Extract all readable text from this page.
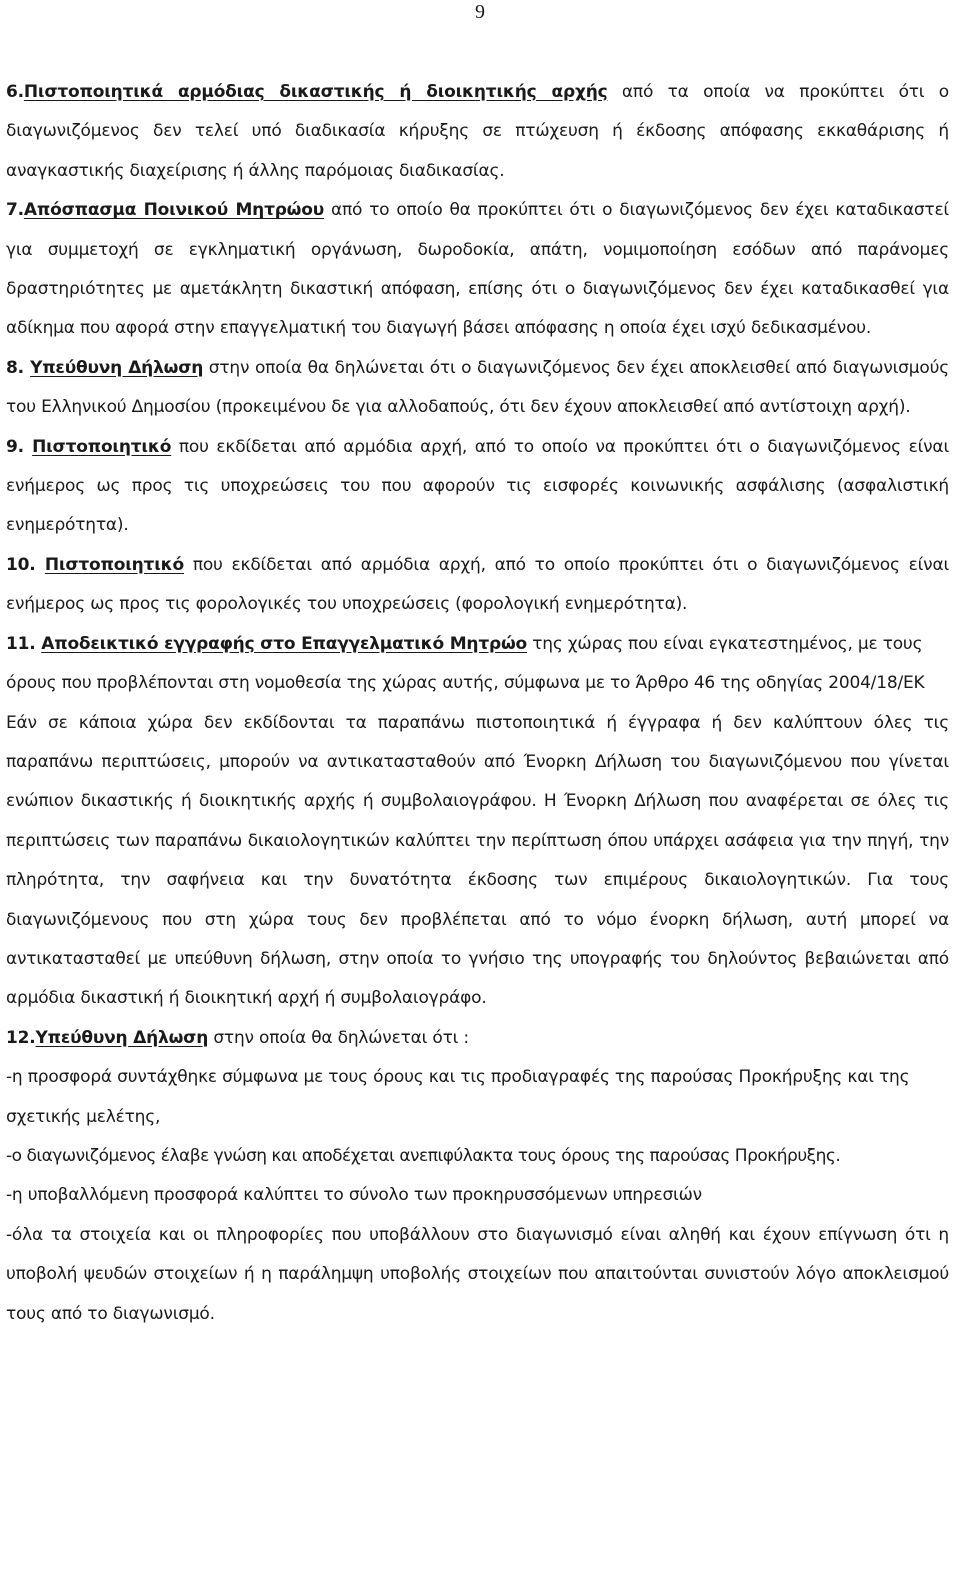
9

6.Πιστοποιητικά αρμόδιας δικαστικής ή διοικητικής αρχής από τα οποία να προκύπτει ότι ο διαγωνιζόμενος δεν τελεί υπό διαδικασία κήρυξης σε πτώχευση ή έκδοσης απόφασης εκκαθάρισης ή αναγκαστικής διαχείρισης ή άλλης παρόμοιας διαδικασίας.

7.Απόσπασμα Ποινικού Μητρώου από το οποίο θα προκύπτει ότι ο διαγωνιζόμενος δεν έχει καταδικαστεί για συμμετοχή σε εγκληματική οργάνωση, δωροδοκία, απάτη, νομιμοποίηση εσόδων από παράνομες δραστηριότητες με αμετάκλητη δικαστική απόφαση, επίσης ότι ο διαγωνιζόμενος δεν έχει καταδικασθεί για αδίκημα που αφορά στην επαγγελματική του διαγωγή βάσει απόφασης η οποία έχει ισχύ δεδικασμένου.

8. Υπεύθυνη Δήλωση στην οποία θα δηλώνεται ότι ο διαγωνιζόμενος δεν έχει αποκλεισθεί από διαγωνισμούς του Ελληνικού Δημοσίου (προκειμένου δε για αλλοδαπούς, ότι δεν έχουν αποκλεισθεί από αντίστοιχη αρχή).

9. Πιστοποιητικό που εκδίδεται από αρμόδια αρχή, από το οποίο να προκύπτει ότι ο διαγωνιζόμενος είναι ενήμερος ως προς τις υποχρεώσεις του που αφορούν τις εισφορές κοινωνικής ασφάλισης (ασφαλιστική ενημερότητα).

10. Πιστοποιητικό που εκδίδεται από αρμόδια αρχή, από το οποίο προκύπτει ότι ο διαγωνιζόμενος είναι ενήμερος ως προς τις φορολογικές του υποχρεώσεις (φορολογική ενημερότητα).

11. Αποδεικτικό εγγραφής στο Επαγγελματικό Μητρώο της χώρας που είναι εγκατεστημένος, με τους όρους που προβλέπονται στη νομοθεσία της χώρας αυτής, σύμφωνα με το Άρθρο 46 της οδηγίας 2004/18/ΕΚ

Εάν σε κάποια χώρα δεν εκδίδονται τα παραπάνω πιστοποιητικά ή έγγραφα ή δεν καλύπτουν όλες τις παραπάνω περιπτώσεις, μπορούν να αντικατασταθούν από Ένορκη Δήλωση του διαγωνιζόμενου που γίνεται ενώπιον δικαστικής ή διοικητικής αρχής ή συμβολαιογράφου. Η Ένορκη Δήλωση που αναφέρεται σε όλες τις περιπτώσεις των παραπάνω δικαιολογητικών καλύπτει την περίπτωση όπου υπάρχει ασάφεια για την πηγή, την πληρότητα, την σαφήνεια και την δυνατότητα έκδοσης των επιμέρους δικαιολογητικών. Για τους διαγωνιζόμενους που στη χώρα τους δεν προβλέπεται από το νόμο ένορκη δήλωση, αυτή μπορεί να αντικατασταθεί με υπεύθυνη δήλωση, στην οποία το γνήσιο της υπογραφής του δηλούντος βεβαιώνεται από αρμόδια δικαστική ή διοικητική αρχή ή συμβολαιογράφο.

12.Υπεύθυνη Δήλωση στην οποία θα δηλώνεται ότι :

-η προσφορά συντάχθηκε σύμφωνα με τους όρους και τις προδιαγραφές της παρούσας Προκήρυξης και της σχετικής μελέτης,

-ο διαγωνιζόμενος έλαβε γνώση και αποδέχεται ανεπιφύλακτα τους όρους της παρούσας Προκήρυξης.

-η υποβαλλόμενη προσφορά καλύπτει το σύνολο των προκηρυσσόμενων υπηρεσιών

-όλα τα στοιχεία και οι πληροφορίες που υποβάλλουν στο διαγωνισμό είναι αληθή και έχουν επίγνωση ότι η υποβολή ψευδών στοιχείων ή η παράλημψη υποβολής στοιχείων που απαιτούνται συνιστούν λόγο αποκλεισμού τους από το διαγωνισμό.
